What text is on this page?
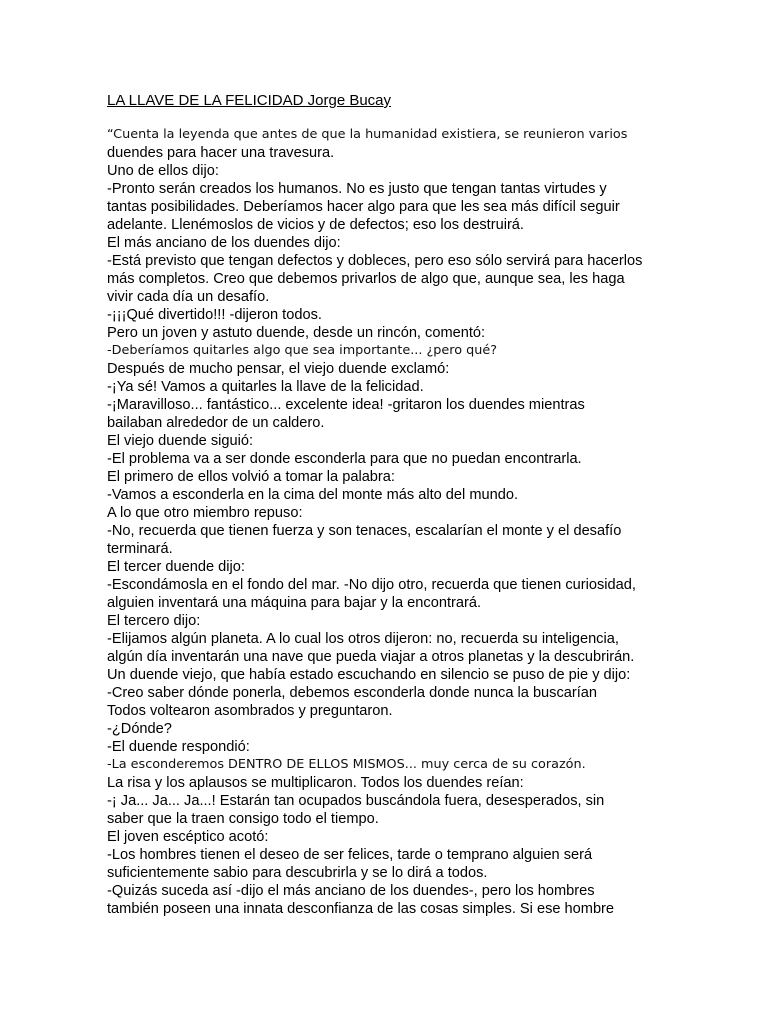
LA LLAVE DE LA FELICIDAD Jorge Bucay
“Cuenta la leyenda que antes de que la humanidad existiera, se reunieron varios
duendes para hacer una travesura.
Uno de ellos dijo:
-Pronto serán creados los humanos. No es justo que tengan tantas virtudes y
tantas posibilidades. Deberíamos hacer algo para que les sea más difícil seguir
adelante. Llenémoslos de vicios y de defectos; eso los destruirá.
El más anciano de los duendes dijo:
-Está previsto que tengan defectos y dobleces, pero eso sólo servirá para hacerlos
más completos. Creo que debemos privarlos de algo que, aunque sea, les haga
vivir cada día un desafío.
-¡¡¡Qué divertido!!! -dijeron todos.
Pero un joven y astuto duende, desde un rincón, comentó:
-Deberíamos quitarles algo que sea importante... ¿pero qué?
Después de mucho pensar, el viejo duende exclamó:
-¡Ya sé! Vamos a quitarles la llave de la felicidad.
-¡Maravilloso... fantástico... excelente idea! -gritaron los duendes mientras
bailaban alrededor de un caldero.
El viejo duende siguió:
-El problema va a ser donde esconderla para que no puedan encontrarla.
El primero de ellos volvió a tomar la palabra:
-Vamos a esconderla en la cima del monte más alto del mundo.
A lo que otro miembro repuso:
-No, recuerda que tienen fuerza y son tenaces, escalarían el monte y el desafío
terminará.
El tercer duende dijo:
-Escondámosla en el fondo del mar. -No dijo otro, recuerda que tienen curiosidad,
alguien inventará una máquina para bajar y la encontrará.
El tercero dijo:
-Elijamos algún planeta. A lo cual los otros dijeron: no, recuerda su inteligencia,
algún día inventarán una nave que pueda viajar a otros planetas y la descubrirán.
Un duende viejo, que había estado escuchando en silencio se puso de pie y dijo:
-Creo saber dónde ponerla, debemos esconderla donde nunca la buscarían
Todos voltearon asombrados y preguntaron.
-¿Dónde?
-El duende respondió:
-La esconderemos DENTRO DE ELLOS MISMOS... muy cerca de su corazón.
La risa y los aplausos se multiplicaron. Todos los duendes reían:
-¡ Ja... Ja... Ja...! Estarán tan ocupados buscándola fuera, desesperados, sin
saber que la traen consigo todo el tiempo.
El joven escéptico acotó:
-Los hombres tienen el deseo de ser felices, tarde o temprano alguien será
suficientemente sabio para descubrirla y se lo dirá a todos.
-Quizás suceda así -dijo el más anciano de los duendes-, pero los hombres
también poseen una innata desconfianza de las cosas simples. Si ese hombre
